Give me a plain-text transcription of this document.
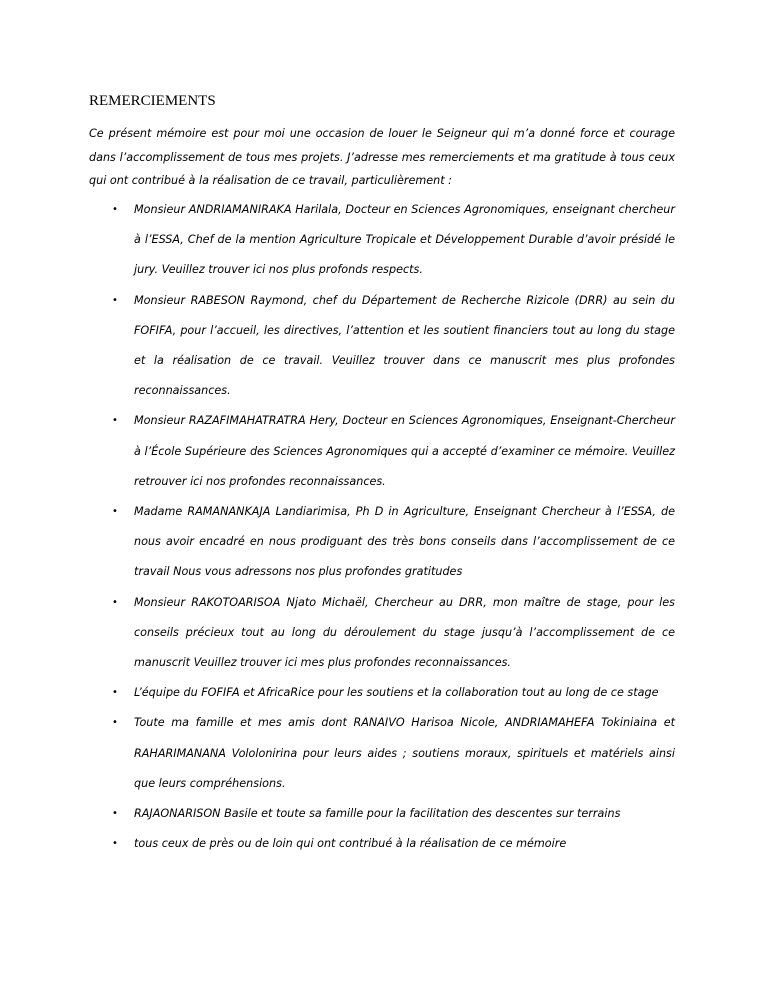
REMERCIEMENTS

Ce présent mémoire est pour moi une occasion de louer le Seigneur qui m’a donné force et courage dans l’accomplissement de tous mes projets. J’adresse mes remerciements et ma gratitude à tous ceux qui ont contribué à la réalisation de ce travail, particulièrement :

• Monsieur ANDRIAMANIRAKA Harilala, Docteur en Sciences Agronomiques, enseignant chercheur à l’ESSA, Chef de la mention Agriculture Tropicale et Développement Durable d’avoir présidé le jury. Veuillez trouver ici nos plus profonds respects.
• Monsieur RABESON Raymond, chef du Département de Recherche Rizicole (DRR) au sein du FOFIFA, pour l’accueil, les directives, l’attention et les soutient financiers tout au long du stage et la réalisation de ce travail. Veuillez trouver dans ce manuscrit mes plus profondes reconnaissances.
• Monsieur RAZAFIMAHATRATRA Hery, Docteur en Sciences Agronomiques, Enseignant-Chercheur à l’École Supérieure des Sciences Agronomiques qui a accepté d’examiner ce mémoire. Veuillez retrouver ici nos profondes reconnaissances.
• Madame RAMANANKAJA Landiarimisa, Ph D in Agriculture, Enseignant Chercheur à l’ESSA, de nous avoir encadré en nous prodiguant des très bons conseils dans l’accomplissement de ce travail Nous vous adressons nos plus profondes gratitudes
• Monsieur RAKOTOARISOA Njato Michaël, Chercheur au DRR, mon maître de stage, pour les conseils précieux tout au long du déroulement du stage jusqu’à l’accomplissement de ce manuscrit Veuillez trouver ici mes plus profondes reconnaissances.
• L’équipe du FOFIFA et AfricaRice pour les soutiens et la collaboration tout au long de ce stage
• Toute ma famille et mes amis dont RANAIVO Harisoa Nicole, ANDRIAMAHEFA Tokiniaina et RAHARIMANANA Vololonirina pour leurs aides ; soutiens moraux, spirituels et matériels ainsi que leurs compréhensions.
• RAJAONARISON Basile et toute sa famille pour la facilitation des descentes sur terrains
• tous ceux de près ou de loin qui ont contribué à la réalisation de ce mémoire
